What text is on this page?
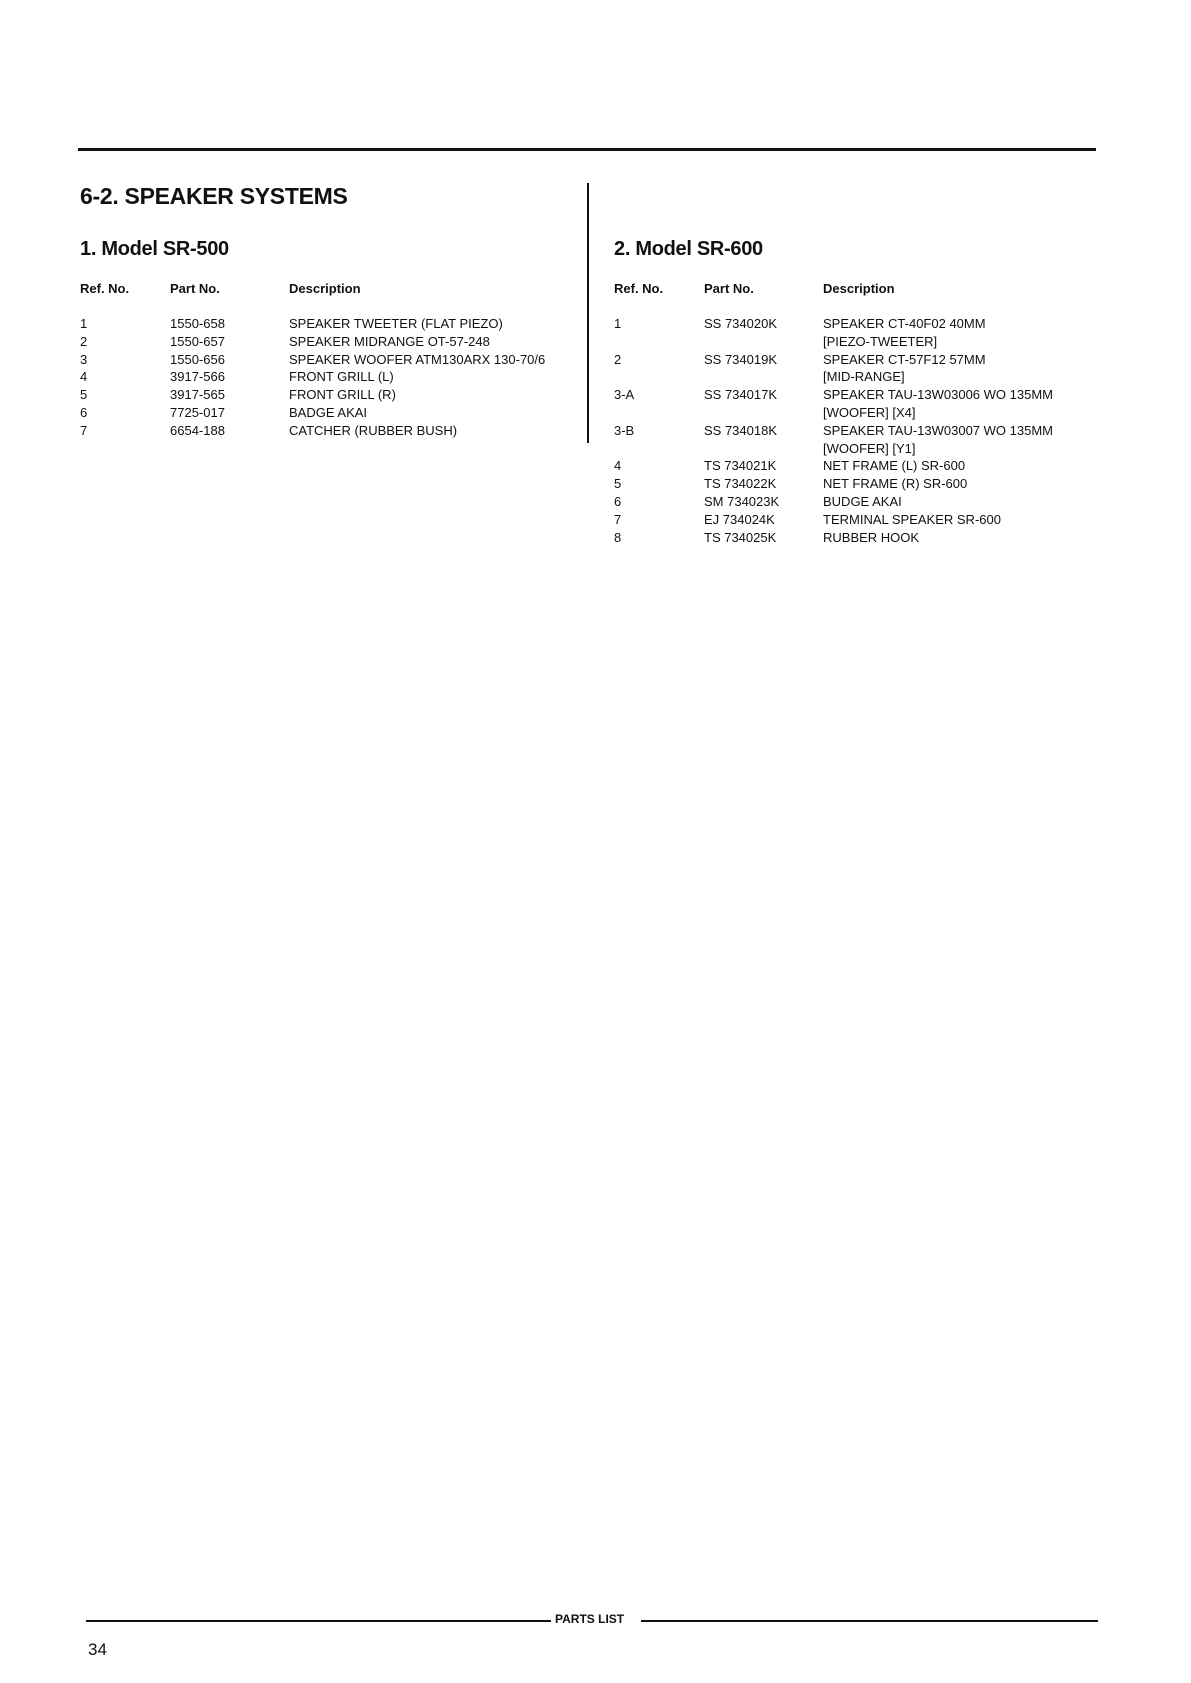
6-2. SPEAKER SYSTEMS
1. Model SR-500
Ref. No.	Part No.	Description
1	1550-658	SPEAKER TWEETER (FLAT PIEZO)
2	1550-657	SPEAKER MIDRANGE OT-57-248
3	1550-656	SPEAKER WOOFER ATM130ARX 130-70/6
4	3917-566	FRONT GRILL (L)
5	3917-565	FRONT GRILL (R)
6	7725-017	BADGE AKAI
7	6654-188	CATCHER (RUBBER BUSH)
2. Model SR-600
Ref. No.	Part No.	Description
1	SS 734020K	SPEAKER CT-40F02 40MM
[PIEZO-TWEETER]
2	SS 734019K	SPEAKER CT-57F12 57MM
[MID-RANGE]
3-A	SS 734017K	SPEAKER TAU-13W03006 WO 135MM
[WOOFER] [X4]
3-B	SS 734018K	SPEAKER TAU-13W03007 WO 135MM
[WOOFER] [Y1]
4	TS 734021K	NET FRAME (L) SR-600
5	TS 734022K	NET FRAME (R) SR-600
6	SM 734023K	BUDGE AKAI
7	EJ 734024K	TERMINAL SPEAKER SR-600
8	TS 734025K	RUBBER HOOK
PARTS LIST
34
